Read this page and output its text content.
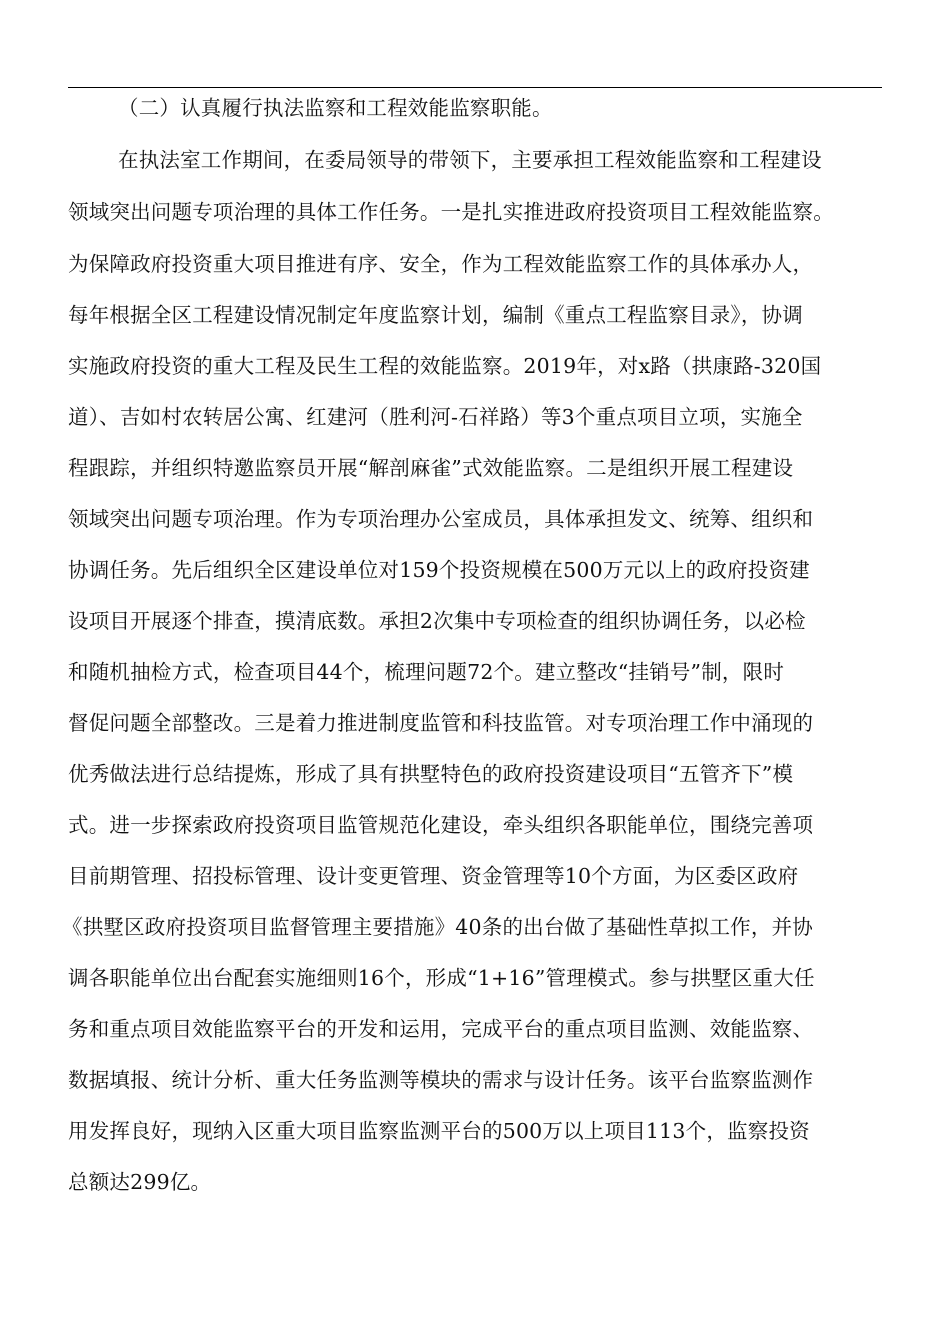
（二）认真履行执法监察和工程效能监察职能。
在执法室工作期间，在委局领导的带领下，主要承担工程效能监察和工程建设
领域突出问题专项治理的具体工作任务。一是扎实推进政府投资项目工程效能监察。
为保障政府投资重大项目推进有序、安全，作为工程效能监察工作的具体承办人，
每年根据全区工程建设情况制定年度监察计划，编制《重点工程监察目录》，协调
实施政府投资的重大工程及民生工程的效能监察。2019年，对x路（拱康路-320国
道）、吉如村农转居公寓、红建河（胜利河-石祥路）等3个重点项目立项，实施全
程跟踪，并组织特邀监察员开展“解剖麻雀”式效能监察。二是组织开展工程建设
领域突出问题专项治理。作为专项治理办公室成员，具体承担发文、统筹、组织和
协调任务。先后组织全区建设单位对159个投资规模在500万元以上的政府投资建
设项目开展逐个排查，摸清底数。承担2次集中专项检查的组织协调任务，以必检
和随机抽检方式，检查项目44个，梳理问题72个。建立整改“挂销号”制，限时
督促问题全部整改。三是着力推进制度监管和科技监管。对专项治理工作中涌现的
优秀做法进行总结提炼，形成了具有拱墅特色的政府投资建设项目“五管齐下”模
式。进一步探索政府投资项目监管规范化建设，牵头组织各职能单位，围绕完善项
目前期管理、招投标管理、设计变更管理、资金管理等10个方面，为区委区政府
《拱墅区政府投资项目监督管理主要措施》40条的出台做了基础性草拟工作，并协
调各职能单位出台配套实施细则16个，形成“1+16”管理模式。参与拱墅区重大任
务和重点项目效能监察平台的开发和运用，完成平台的重点项目监测、效能监察、
数据填报、统计分析、重大任务监测等模块的需求与设计任务。该平台监察监测作
用发挥良好，现纳入区重大项目监察监测平台的500万以上项目113个，监察投资
总额达299亿。
